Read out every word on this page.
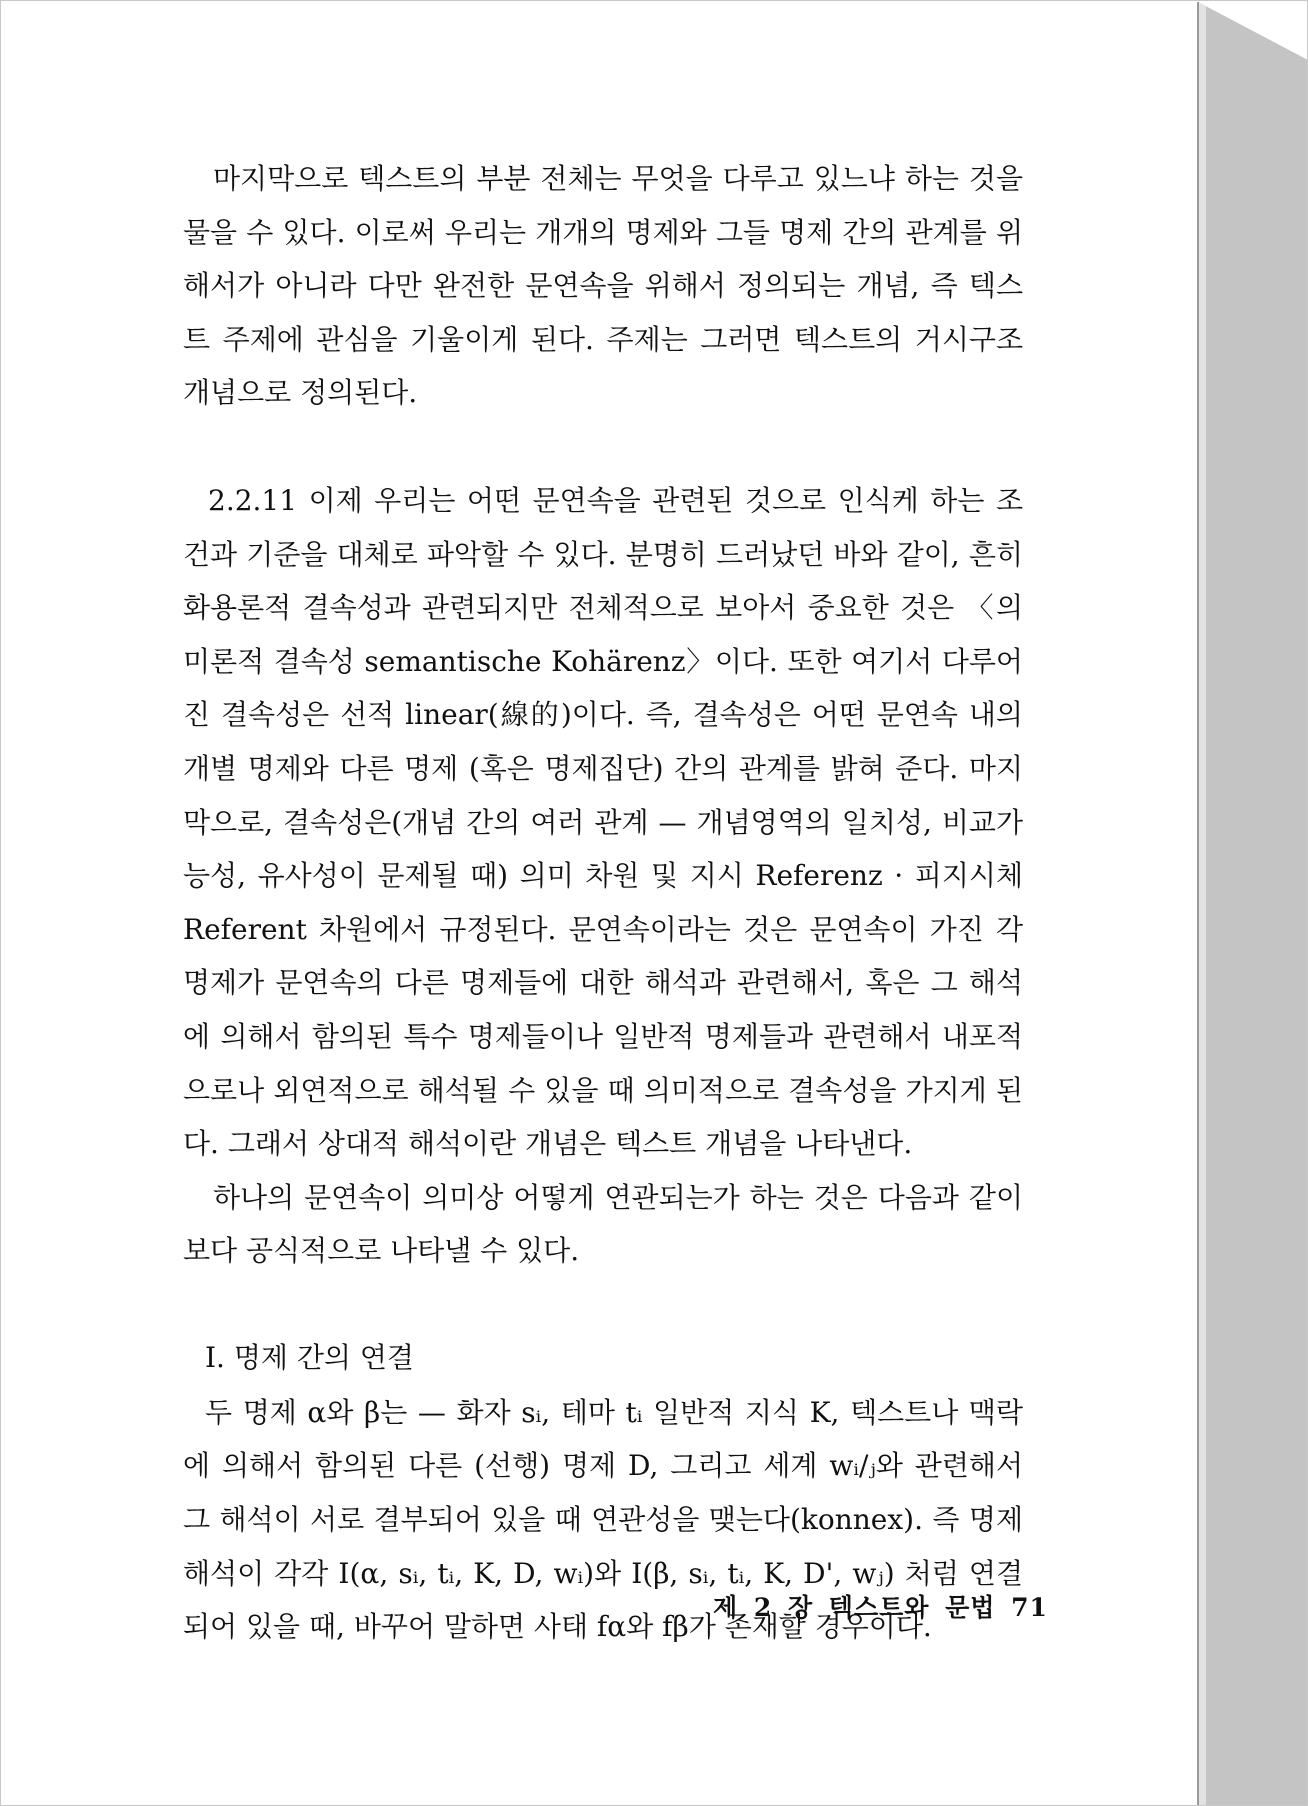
마지막으로 텍스트의 부분 전체는 무엇을 다루고 있느냐 하는 것을 물을 수 있다. 이로써 우리는 개개의 명제와 그들 명제 간의 관계를 위해서가 아니라 다만 완전한 문연속을 위해서 정의되는 개념, 즉 텍스트 주제에 관심을 기울이게 된다. 주제는 그러면 텍스트의 거시구조 개념으로 정의된다.

2.2.11 이제 우리는 어떤 문연속을 관련된 것으로 인식케 하는 조건과 기준을 대체로 파악할 수 있다. 분명히 드러났던 바와 같이, 흔히 화용론적 결속성과 관련되지만 전체적으로 보아서 중요한 것은 〈의미론적 결속성 semantische Kohärenz〉이다. 또한 여기서 다루어진 결속성은 선적 linear(線的)이다. 즉, 결속성은 어떤 문연속 내의 개별 명제와 다른 명제 (혹은 명제집단) 간의 관계를 밝혀 준다. 마지막으로, 결속성은(개념 간의 여러 관계 — 개념영역의 일치성, 비교가능성, 유사성이 문제될 때) 의미 차원 및 지시 Referenz · 피지시체 Referent 차원에서 규정된다. 문연속이라는 것은 문연속이 가진 각 명제가 문연속의 다른 명제들에 대한 해석과 관련해서, 혹은 그 해석에 의해서 함의된 특수 명제들이나 일반적 명제들과 관련해서 내포적으로나 외연적으로 해석될 수 있을 때 의미적으로 결속성을 가지게 된다. 그래서 상대적 해석이란 개념은 텍스트 개념을 나타낸다.

하나의 문연속이 의미상 어떻게 연관되는가 하는 것은 다음과 같이 보다 공식적으로 나타낼 수 있다.

Ⅰ. 명제 간의 연결

두 명제 α와 β는 — 화자 sᵢ, 테마 tᵢ 일반적 지식 K, 텍스트나 맥락에 의해서 함의된 다른 (선행) 명제 D, 그리고 세계 wᵢ/ⱼ와 관련해서 그 해석이 서로 결부되어 있을 때 연관성을 맺는다(konnex). 즉 명제해석이 각각 I(α, sᵢ, tᵢ, K, D, wᵢ)와 I(β, sᵢ, tᵢ, K, D', wⱼ) 처럼 연결되어 있을 때, 바꾸어 말하면 사태 fα와 fβ가 존재할 경우이다.

제 2 장 텍스트와 문법 71
